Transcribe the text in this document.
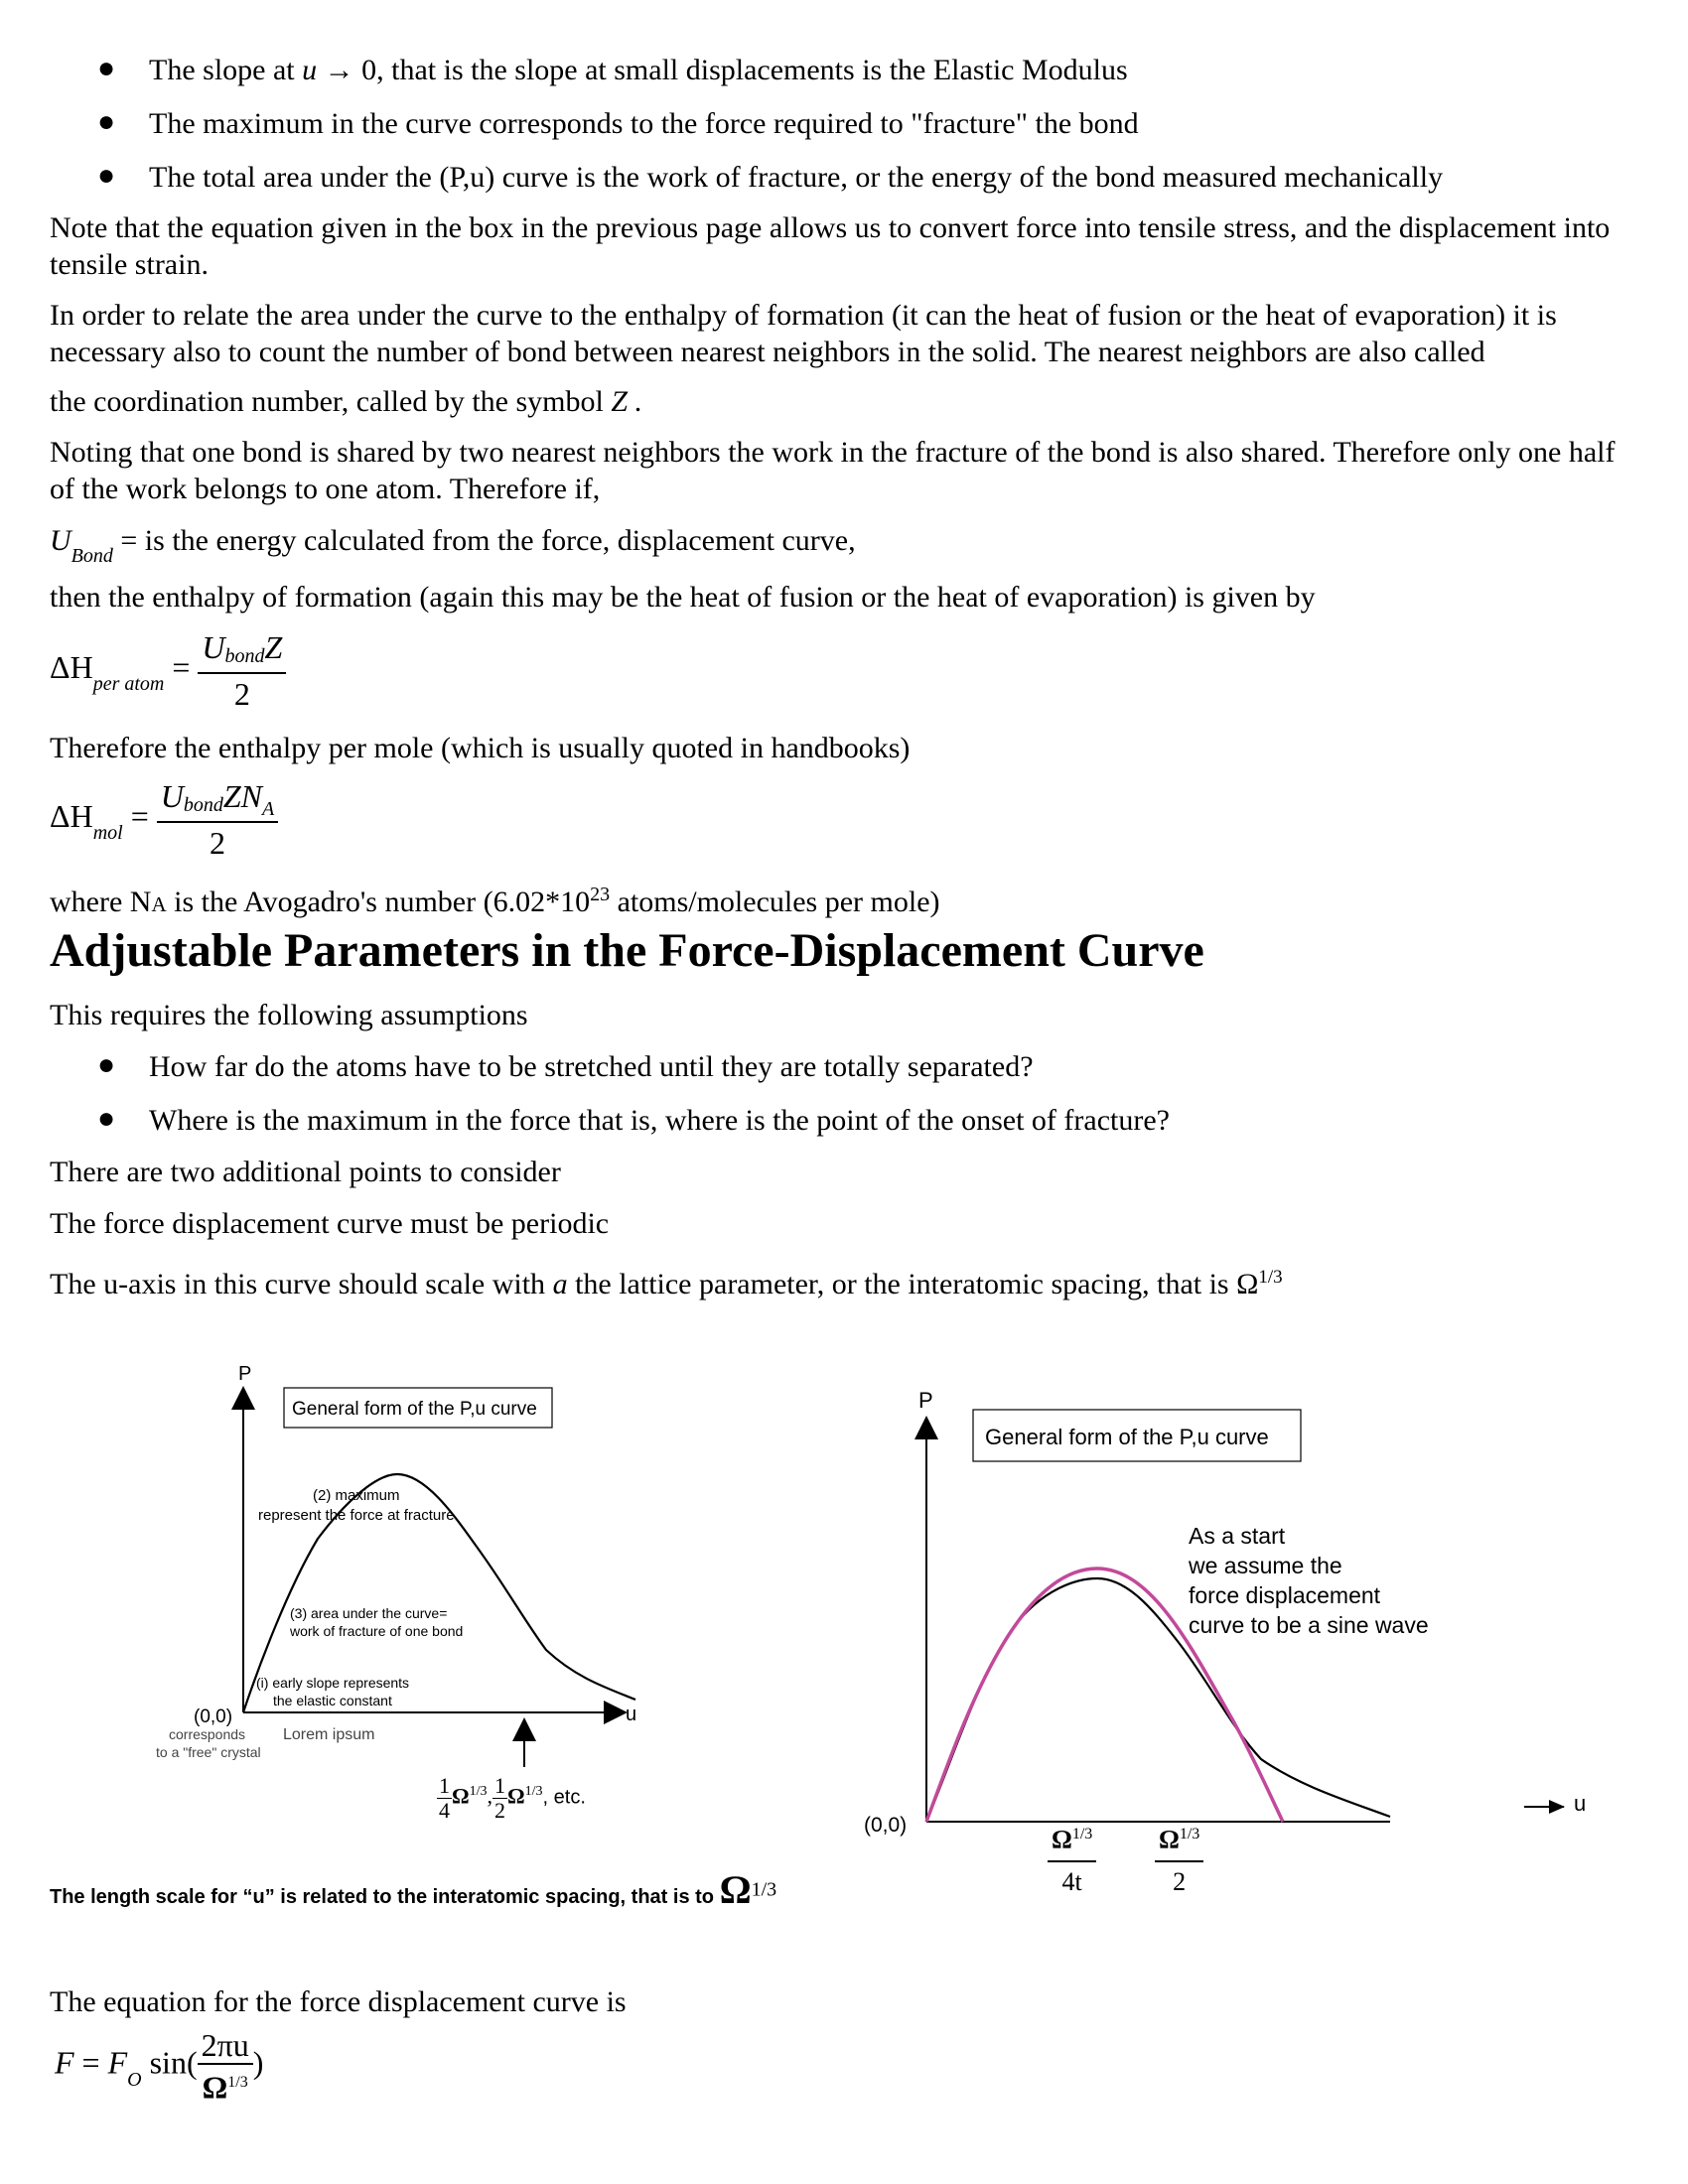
● The slope at u → 0, that is the slope at small displacements is the Elastic Modulus
● The maximum in the curve corresponds to the force required to "fracture" the bond
● The total area under the (P,u) curve is the work of fracture, or the energy of the bond measured mechanically
Note that the equation given in the box in the previous page allows us to convert force into tensile stress, and the displacement into tensile strain.
In order to relate the area under the curve to the enthalpy of formation (it can the heat of fusion or the heat of evaporation) it is necessary also to count the number of bond between nearest neighbors in the solid. The nearest neighbors are also called
the coordination number, called by the symbol Z .
Noting that one bond is shared by two nearest neighbors the work in the fracture of the bond is also shared. Therefore only one half of the work belongs to one atom. Therefore if,
$U_{Bond}$ = is the energy calculated from the force, displacement curve,
then the enthalpy of formation (again this may be the heat of fusion or the heat of evaporation) is given by
$\Delta H_{per atom} = \frac{\text{UbondZ}}{2}$
Therefore the enthalpy per mole (which is usually quoted in handbooks)
$\Delta H_{mol} = \frac{UbondZN_A}{2}$
where NA is the Avogadro's number ($6.02*10^{23}$ atoms/molecules per mole)
Adjustable Parameters in the Force-Displacement Curve
This requires the following assumptions
● How far do the atoms have to be stretched until they are totally separated?
● Where is the maximum in the force that is, where is the point of the onset of fracture?
There are two additional points to consider
The force displacement curve must be periodic
The u-axis in this curve should scale with a the lattice parameter, or the interatomic spacing, that is $\Omega^{1/3}$
P
u
General form of the P,u curve
(2) maximum
represent the force at fracture
(3) area under the curve=
work of fracture of one bond
(i) early slope represents
the elastic constant
(0,0)
corresponds
to a "free" crystal
Lorem ipsum
$\frac{1}{4} \Omega^{1/3}$, $\frac{1}{2} \Omega^{1/3}$, etc.
The length scale for “u” is related to the interatomic spacing, that is to $\Omega^{1/3}$
P
General form of the P,u curve
As a start
we assume the
force displacement
curve to be a sine wave
(0,0)
u
$\Omega^{1/3}$
4t
$\Omega^{1/3}$
2
The equation for the force displacement curve is
$F = F_O$ $\sin( \frac{2\pi u}{\Omega^{1/3}}$ )
